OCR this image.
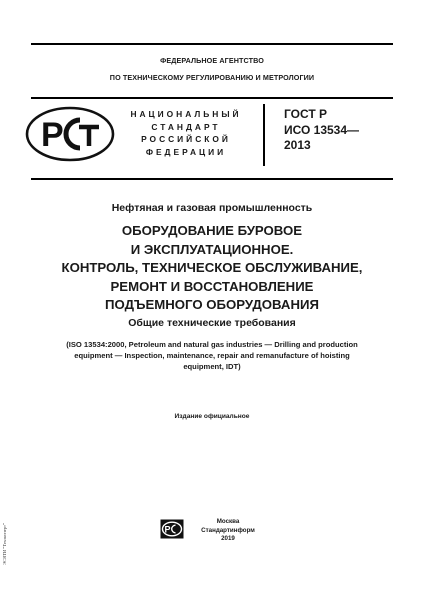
ФЕДЕРАЛЬНОЕ АГЕНТСТВО
ПО ТЕХНИЧЕСКОМУ РЕГУЛИРОВАНИЮ И МЕТРОЛОГИИ
P
НАЦИОНАЛЬНЫЙ
СТАНДАРТ
РОССИЙСКОЙ
ФЕДЕРАЦИИ
ГОСТ Р
ИСО 13534—
2013
Нефтяная и газовая промышленность
ОБОРУДОВАНИЕ БУРОВОЕ
И ЭКСПЛУАТАЦИОННОЕ.
КОНТРОЛЬ, ТЕХНИЧЕСКОЕ ОБСЛУЖИВАНИЕ,
РЕМОНТ И ВОССТАНОВЛЕНИЕ
ПОДЪЕМНОГО ОБОРУДОВАНИЯ
Общие технические требования
(ISO 13534:2000, Petroleum and natural gas industries — Drilling and production
equipment — Inspection, maintenance, repair and remanufacture of hoisting
equipment, IDT)
Издание официальное
P
Москва
Стандартинформ
2019
ЭСЯТИ "Техэксперт"
